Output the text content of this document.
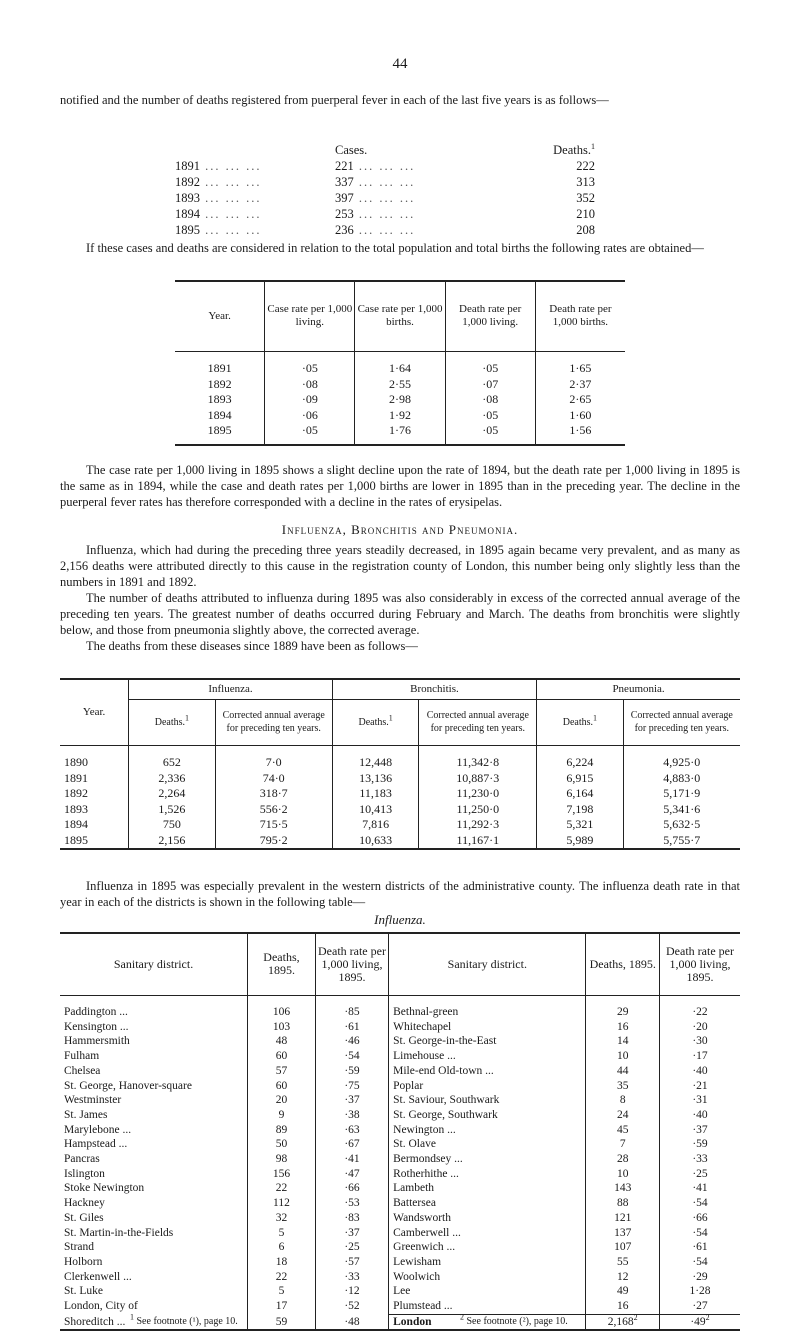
44

notified and the number of deaths registered from puerperal fever in each of the last five years is as follows—

	Cases.	Deaths.$^1$
1891 ... ... ...	221 ... ... ...	222
1892 ... ... ...	337 ... ... ...	313
1893 ... ... ...	397 ... ... ...	352
1894 ... ... ...	253 ... ... ...	210
1895 ... ... ...	236 ... ... ...	208

If these cases and deaths are considered in relation to the total population and total births the following rates are obtained—

Year.	Case rate per 1,000 living.	Case rate per 1,000 births.	Death rate per 1,000 living.	Death rate per 1,000 births.

1891	·05	1·64	·05	1·65
1892	·08	2·55	·07	2·37
1893	·09	2·98	·08	2·65
1894	·06	1·92	·05	1·60
1895	·05	1·76	·05	1·56

The case rate per 1,000 living in 1895 shows a slight decline upon the rate of 1894, but the death rate per 1,000 living in 1895 is the same as in 1894, while the case and death rates per 1,000 births are lower in 1895 than in the preceding year. The decline in the puerperal fever rates has therefore corresponded with a decline in the rates of erysipelas.

Influenza, Bronchitis and Pneumonia.

Influenza, which had during the preceding three years steadily decreased, in 1895 again became very prevalent, and as many as 2,156 deaths were attributed directly to this cause in the registration county of London, this number being only slightly less than the numbers in 1891 and 1892.

The number of deaths attributed to influenza during 1895 was also considerably in excess of the corrected annual average of the preceding ten years. The greatest number of deaths occurred during February and March. The deaths from bronchitis were slightly below, and those from pneumonia slightly above, the corrected average.

The deaths from these diseases since 1889 have been as follows—

Year.	Influenza.		Bronchitis.		Pneumonia.	
	Deaths.$^1$	Corrected annual average for preceding ten years.	Deaths.$^1$	Corrected annual average for preceding ten years.	Deaths.$^1$	Corrected annual average for preceding ten years.

1890	652	7·0	12,448	11,342·8	6,224	4,925·0
1891	2,336	74·0	13,136	10,887·3	6,915	4,883·0
1892	2,264	318·7	11,183	11,230·0	6,164	5,171·9
1893	1,526	556·2	10,413	11,250·0	7,198	5,341·6
1894	750	715·5	7,816	11,292·3	5,321	5,632·5
1895	2,156	795·2	10,633	11,167·1	5,989	5,755·7

Influenza in 1895 was especially prevalent in the western districts of the administrative county. The influenza death rate in that year in each of the districts is shown in the following table—

Influenza.
Sanitary district.	Deaths, 1895.	Death rate per 1,000 living, 1895.	Sanitary district.	Deaths, 1895.	Death rate per 1,000 living, 1895.

Paddington ...	106	·85	Bethnal-green	29	·22
Kensington ...	103	·61	Whitechapel	16	·20
Hammersmith	48	·46	St. George-in-the-East	14	·30
Fulham	60	·54	Limehouse ...	10	·17
Chelsea	57	·59	Mile-end Old-town ...	44	·40
St. George, Hanover-square	60	·75	Poplar	35	·21
Westminster	20	·37	St. Saviour, Southwark	8	·31
St. James	9	·38	St. George, Southwark	24	·40
Marylebone ...	89	·63	Newington ...	45	·37
Hampstead ...	50	·67	St. Olave	7	·59
Pancras	98	·41	Bermondsey ...	28	·33
Islington	156	·47	Rotherhithe ...	10	·25
Stoke Newington	22	·66	Lambeth	143	·41
Hackney	112	·53	Battersea	88	·54
St. Giles	32	·83	Wandsworth	121	·66
St. Martin-in-the-Fields	5	·37	Camberwell ...	137	·54
Strand	6	·25	Greenwich ...	107	·61
Holborn	18	·57	Lewisham	55	·54
Clerkenwell ...	22	·33	Woolwich	12	·29
St. Luke	5	·12	Lee	49	1·28
London, City of	17	·52	Plumstead ...	16	·27
Shoreditch ...	59	·48	London	$2,168^2$	$\cdot 49^2$
$^1$ See footnote (¹), page 10.	$^2$ See footnote (²), page 10.
